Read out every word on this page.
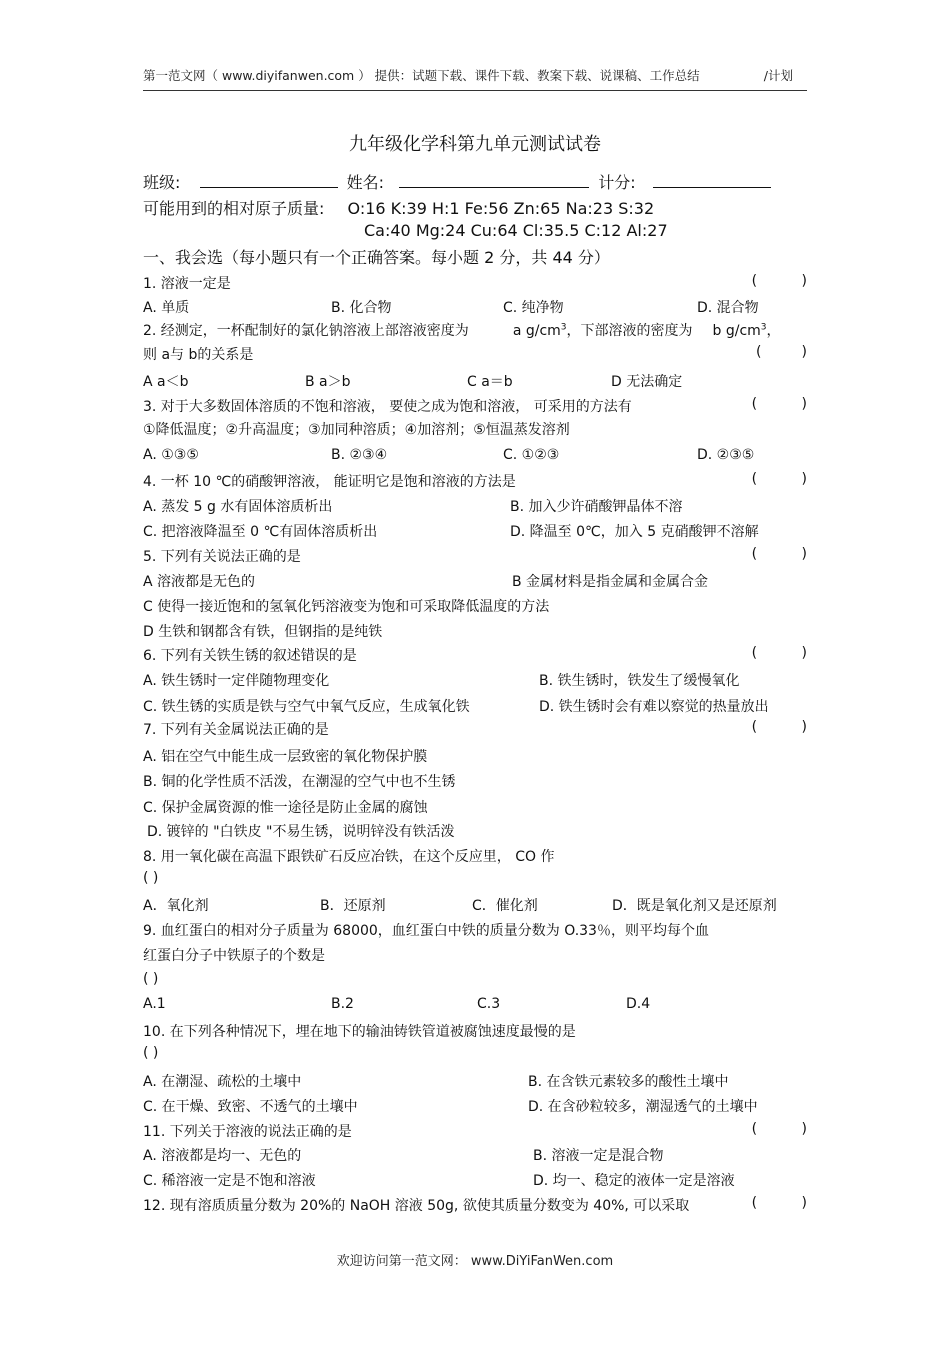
第一范文网（ www.diyifanwen.com ） 提供：试题下载、课件下载、教案下载、说课稿、工作总结	/计划
九年级化学科第九单元测试试卷
班级:	姓名:	计分:
可能用到的相对原子质量: O:16 K:39 H:1 Fe:56 Zn:65 Na:23 S:32
Ca:40 Mg:24 Cu:64 Cl:35.5 C:12 Al:27
一、我会选（每小题只有一个正确答案。每小题 2 分，共 44 分）
1. 溶液一定是	(          )
A. 单质	B. 化合物	C. 纯净物	D. 混合物
2. 经测定，一杯配制好的氯化钠溶液上部溶液密度为	a $g/cm^3$，下部溶液的密度为 b $g/cm^3$，
则 a与 b的关系是	(         )
A a＜b	B a＞b	C a＝b	D 无法确定
3. 对于大多数固体溶质的不饱和溶液， 要使之成为饱和溶液， 可采用的方法有	(          )
①降低温度；②升高温度；③加同种溶质；④加溶剂；⑤恒温蒸发溶剂
A. ①③⑤	B. ②③④	C. ①②③	D. ②③⑤
4. 一杯 10 ℃的硝酸钾溶液， 能证明它是饱和溶液的方法是	(          )
A. 蒸发 5 g 水有固体溶质析出	B. 加入少许硝酸钾晶体不溶
C. 把溶液降温至 0 ℃有固体溶质析出	D. 降温至 0℃，加入 5 克硝酸钾不溶解
5. 下列有关说法正确的是	(          )
A 溶液都是无色的	B 金属材料是指金属和金属合金
C 使得一接近饱和的氢氧化钙溶液变为饱和可采取降低温度的方法
D 生铁和钢都含有铁，但钢指的是纯铁
6. 下列有关铁生锈的叙述错误的是	(          )
A. 铁生锈时一定伴随物理变化	B. 铁生锈时，铁发生了缓慢氧化
C. 铁生锈的实质是铁与空气中氧气反应，生成氧化铁	D. 铁生锈时会有难以察觉的热量放出
7. 下列有关金属说法正确的是	(          )
A. 铝在空气中能生成一层致密的氧化物保护膜
B. 铜的化学性质不活泼，在潮湿的空气中也不生锈
C. 保护金属资源的惟一途径是防止金属的腐蚀
D. 镀锌的 "白铁皮 "不易生锈，说明锌没有铁活泼
8. 用一氧化碳在高温下跟铁矿石反应冶铁，在这个反应里， CO 作
( )
A．氧化剂	B．还原剂	C．催化剂	D．既是氧化剂又是还原剂
9. 血红蛋白的相对分子质量为 68000，血红蛋白中铁的质量分数为 O.33％，则平均每个血
红蛋白分子中铁原子的个数是
( )
A.1	B.2	C.3	D.4
10. 在下列各种情况下，埋在地下的输油铸铁管道被腐蚀速度最慢的是
( )
A. 在潮湿、疏松的土壤中	B. 在含铁元素较多的酸性土壤中
C. 在干燥、致密、不透气的土壤中	D. 在含砂粒较多，潮湿透气的土壤中
11. 下列关于溶液的说法正确的是	(          )
A. 溶液都是均一、无色的	B. 溶液一定是混合物
C. 稀溶液一定是不饱和溶液	D. 均一、稳定的液体一定是溶液
12. 现有溶质质量分数为 20%的 NaOH 溶液 50g, 欲使其质量分数变为 40%, 可以采取	(          )
欢迎访问第一范文网： www.DiYiFanWen.com
